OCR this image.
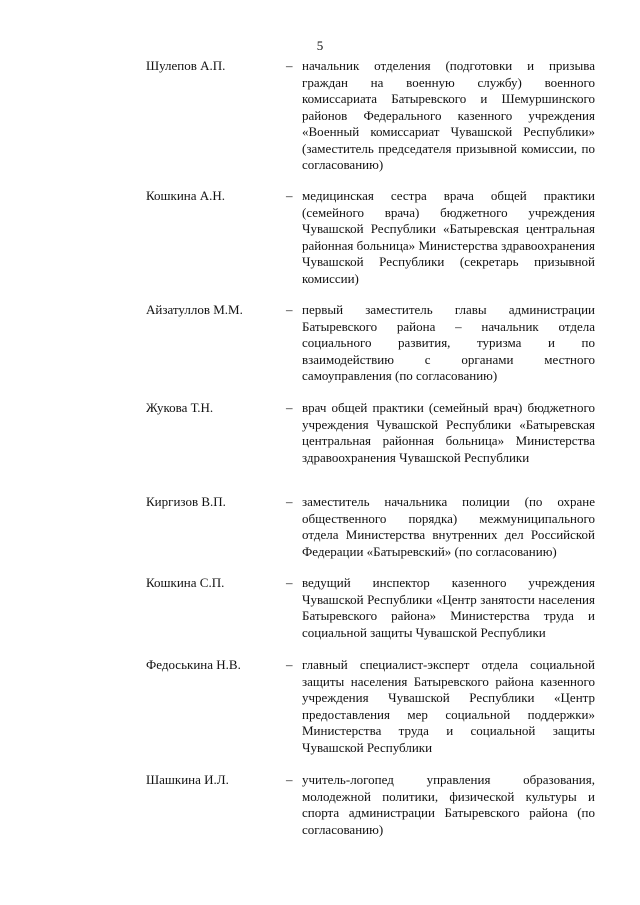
5
Шулепов А.П.	– начальник отделения (подготовки и призыва граждан на военную службу) военного комиссариата Батыревского и Шемуршинского районов Федерального казенного учреждения «Военный комиссариат Чувашской Республики» (заместитель председателя призывной комиссии, по согласованию)
Кошкина А.Н.	– медицинская сестра врача общей практики (семейного врача) бюджетного учреждения Чувашской Республики «Батыревская центральная районная больница» Министерства здравоохранения Чувашской Республики (секретарь призывной комиссии)
Айзатуллов М.М.	– первый заместитель главы администрации Батыревского района – начальник отдела социального развития, туризма и по взаимодействию с органами местного самоуправления (по согласованию)
Жукова Т.Н.	– врач общей практики (семейный врач) бюджетного учреждения Чувашской Республики «Батыревская центральная районная больница» Министерства здравоохранения Чувашской Республики
Киргизов В.П.	– заместитель начальника полиции (по охране общественного порядка) межмуниципального отдела Министерства внутренних дел Российской Федерации «Батыревский» (по согласованию)
Кошкина С.П.	– ведущий инспектор казенного учреждения Чувашской Республики «Центр занятости населения Батыревского района» Министерства труда и социальной защиты Чувашской Республики
Федоськина Н.В.	– главный специалист-эксперт отдела социальной защиты населения Батыревского района казенного учреждения Чувашской Республики «Центр предоставления мер социальной поддержки» Министерства труда и социальной защиты Чувашской Республики
Шашкина И.Л.	– учитель-логопед управления образования, молодежной политики, физической культуры и спорта администрации Батыревского района (по согласованию)
